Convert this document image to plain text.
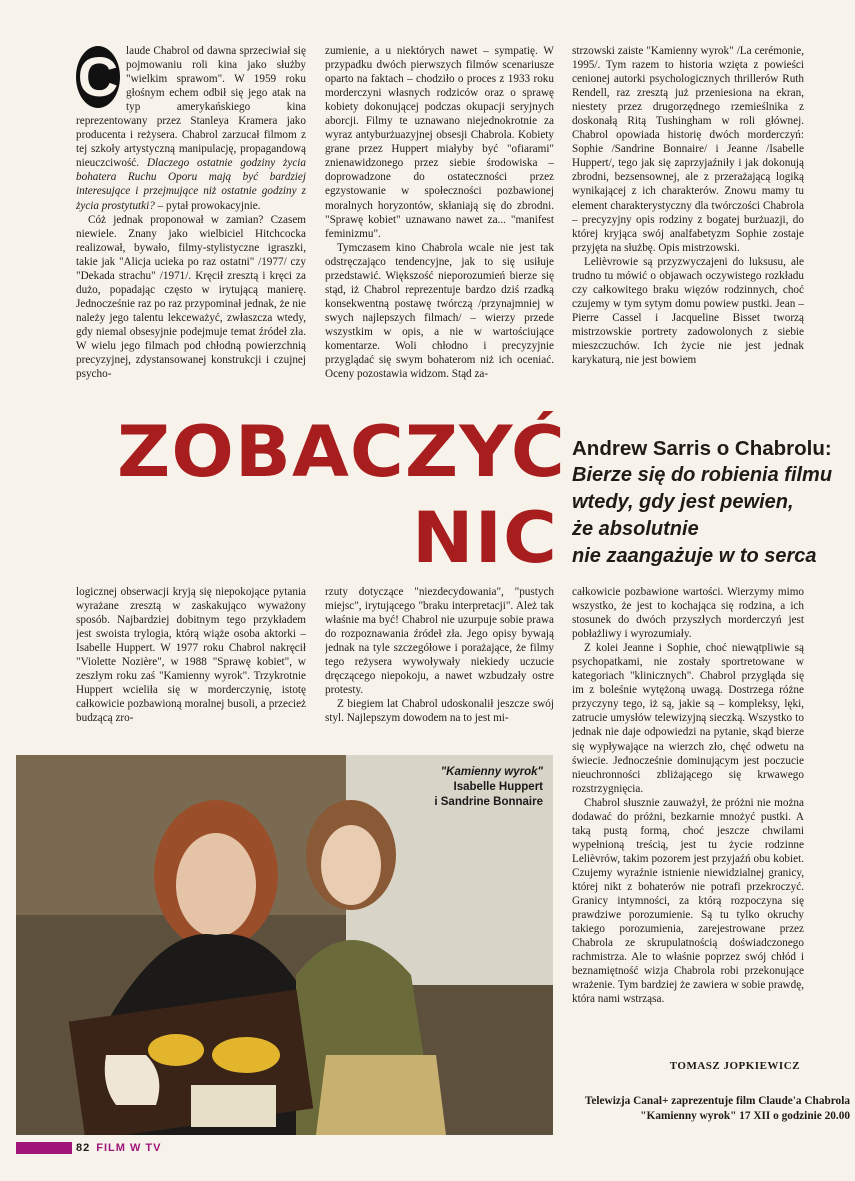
C laude Chabrol od dawna sprzeciwiał się pojmowaniu roli kina jako służby "wielkim sprawom". W 1959 roku głośnym echem odbił się jego atak na typ amerykańskiego kina reprezentowany przez Stanleya Kramera jako producenta i reżysera. Chabrol zarzucał filmom z tej szkoły artystyczną manipulację, propagandową nieuczciwość. Dlaczego ostatnie godziny życia bohatera Ruchu Oporu mają być bardziej interesujące i przejmujące niż ostatnie godziny z życia prostytutki? – pytał prowokacyjnie.

Cóż jednak proponował w zamian? Czasem niewiele. Znany jako wielbiciel Hitchcocka realizował, bywało, filmy-stylistyczne igraszki, takie jak "Alicja ucieka po raz ostatni" /1977/ czy "Dekada strachu" /1971/. Kręcił zresztą i kręci za dużo, popadając często w irytującą manierę. Jednocześnie raz po raz przypominał jednak, że nie należy jego talentu lekceważyć, zwłaszcza wtedy, gdy niemal obsesyjnie podejmuje temat źródeł zła. W wielu jego filmach pod chłodną powierzchnią precyzyjnej, zdystansowanej konstrukcji i czujnej psycho-

zumienie, a u niektórych nawet – sympatię. W przypadku dwóch pierwszych filmów scenariusze oparto na faktach – chodziło o proces z 1933 roku morderczyni własnych rodziców oraz o sprawę kobiety dokonującej podczas okupacji seryjnych aborcji. Filmy te uznawano niejednokrotnie za wyraz antyburżuazyjnej obsesji Chabrola. Kobiety grane przez Huppert miałyby być "ofiarami" znienawidzonego przez siebie środowiska – doprowadzone do ostateczności przez egzystowanie w społeczności pozbawionej moralnych horyzontów, skłaniają się do zbrodni. "Sprawę kobiet" uznawano nawet za... "manifest feminizmu".

Tymczasem kino Chabrola wcale nie jest tak odstręczająco tendencyjne, jak to się usiłuje przedstawić. Większość nieporozumień bierze się stąd, iż Chabrol reprezentuje bardzo dziś rzadką konsekwentną postawę twórczą /przynajmniej w swych najlepszych filmach/ – wierzy przede wszystkim w opis, a nie w wartościujące komentarze. Woli chłodno i precyzyjnie przyglądać się swym bohaterom niż ich oceniać. Oceny pozostawia widzom. Stąd za-

strzowski zaiste "Kamienny wyrok" /La cerémonie, 1995/. Tym razem to historia wzięta z powieści cenionej autorki psychologicznych thrillerów Ruth Rendell, raz zresztą już przeniesiona na ekran, niestety przez drugorzędnego rzemieślnika z doskonałą Ritą Tushingham w roli głównej. Chabrol opowiada historię dwóch morderczyń: Sophie /Sandrine Bonnaire/ i Jeanne /Isabelle Huppert/, tego jak się zaprzyjaźniły i jak dokonują zbrodni, bezsensownej, ale z przerażającą logiką wynikającej z ich charakterów. Znowu mamy tu element charakterystyczny dla twórczości Chabrola – precyzyjny opis rodziny z bogatej burżuazji, do której kryjąca swój analfabetyzm Sophie zostaje przyjęta na służbę. Opis mistrzowski.

Lelièvrowie są przyzwyczajeni do luksusu, ale trudno tu mówić o objawach oczywistego rozkładu czy całkowitego braku więzów rodzinnych, choć czujemy w tym sytym domu powiew pustki. Jean – Pierre Cassel i Jacqueline Bisset tworzą mistrzowskie portrety zadowolonych z siebie mieszczuchów. Ich życie nie jest jednak karykaturą, nie jest bowiem

ZOBACZYĆ
NIC
Andrew Sarris o Chabrolu:
Bierze się do robienia filmu
wtedy, gdy jest pewien,
że absolutnie
nie zaangażuje w to serca

logicznej obserwacji kryją się niepokojące pytania wyrażane zresztą w zaskakująco wyważony sposób. Najbardziej dobitnym tego przykładem jest swoista trylogia, którą wiąże osoba aktorki – Isabelle Huppert. W 1977 roku Chabrol nakręcił "Violette Nozière", w 1988 "Sprawę kobiet", w zeszłym roku zaś "Kamienny wyrok". Trzykrotnie Huppert wcieliła się w morderczynię, istotę całkowicie pozbawioną moralnej busoli, a przecież budzącą zro-

rzuty dotyczące "niezdecydowania", "pustych miejsc", irytującego "braku interpretacji". Ależ tak właśnie ma być! Chabrol nie uzurpuje sobie prawa do rozpoznawania źródeł zła. Jego opisy bywają jednak na tyle szczegółowe i porażające, że filmy tego reżysera wywoływały niekiedy uczucie dręczącego niepokoju, a nawet wzbudzały ostre protesty.

Z biegiem lat Chabrol udoskonalił jeszcze swój styl. Najlepszym dowodem na to jest mi-

całkowicie pozbawione wartości. Wierzymy mimo wszystko, że jest to kochająca się rodzina, a ich stosunek do dwóch przyszłych morderczyń jest pobłażliwy i wyrozumiały.

Z kolei Jeanne i Sophie, choć niewątpliwie są psychopatkami, nie zostały sportretowane w kategoriach "klinicznych". Chabrol przygląda się im z boleśnie wytężoną uwagą. Dostrzega różne przyczyny tego, iż są, jakie są – kompleksy, lęki, zatrucie umysłów telewizyjną sieczką. Wszystko to jednak nie daje odpowiedzi na pytanie, skąd bierze się wypływające na wierzch zło, chęć odwetu na świecie. Jednocześnie dominującym jest poczucie nieuchronności zbliżającego się krwawego rozstrzygnięcia.

Chabrol słusznie zauważył, że próżni nie można dodawać do próżni, bezkarnie mnożyć pustki. A taką pustą formą, choć jeszcze chwilami wypełnioną treścią, jest tu życie rodzinne Lelièvrów, takim pozorem jest przyjaźń obu kobiet. Czujemy wyraźnie istnienie niewidzialnej granicy, której nikt z bohaterów nie potrafi przekroczyć. Granicy intymności, za którą rozpoczyna się prawdziwe porozumienie. Są tu tylko okruchy takiego porozumienia, zarejestrowane przez Chabrola ze skrupulatnością doświadczonego rachmistrza. Ale to właśnie poprzez swój chłód i beznamiętność wizja Chabrola robi przekonujące wrażenie. Tym bardziej że zawiera w sobie prawdę, która nami wstrząsa.

TOMASZ JOPKIEWICZ
Telewizja Canal+ zaprezentuje film Claude'a Chabrola "Kamienny wyrok" 17 XII o godzinie 20.00
"Kamienny wyrok"
Isabelle Huppert
i Sandrine Bonnaire
82 FILM W TV
